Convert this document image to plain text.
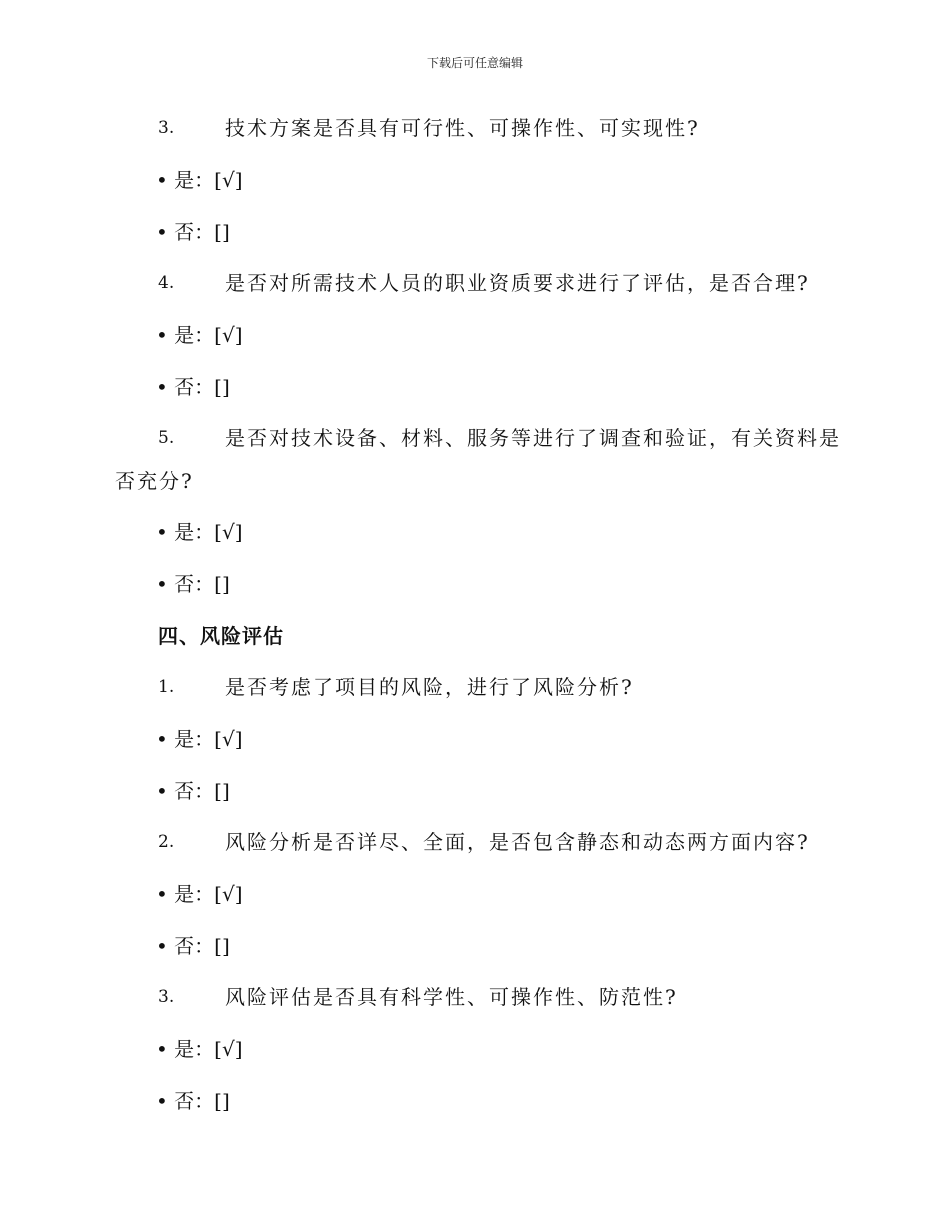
下载后可任意编辑
3.	技术方案是否具有可行性、可操作性、可实现性?
• 是：[√]
• 否：[]
4.	是否对所需技术人员的职业资质要求进行了评估，是否合理?
• 是：[√]
• 否：[]
5.	是否对技术设备、材料、服务等进行了调查和验证，有关资料是
否充分?
• 是：[√]
• 否：[]
四、风险评估
1.	是否考虑了项目的风险，进行了风险分析?
• 是：[√]
• 否：[]
2.	风险分析是否详尽、全面，是否包含静态和动态两方面内容?
• 是：[√]
• 否：[]
3.	风险评估是否具有科学性、可操作性、防范性?
• 是：[√]
• 否：[]
